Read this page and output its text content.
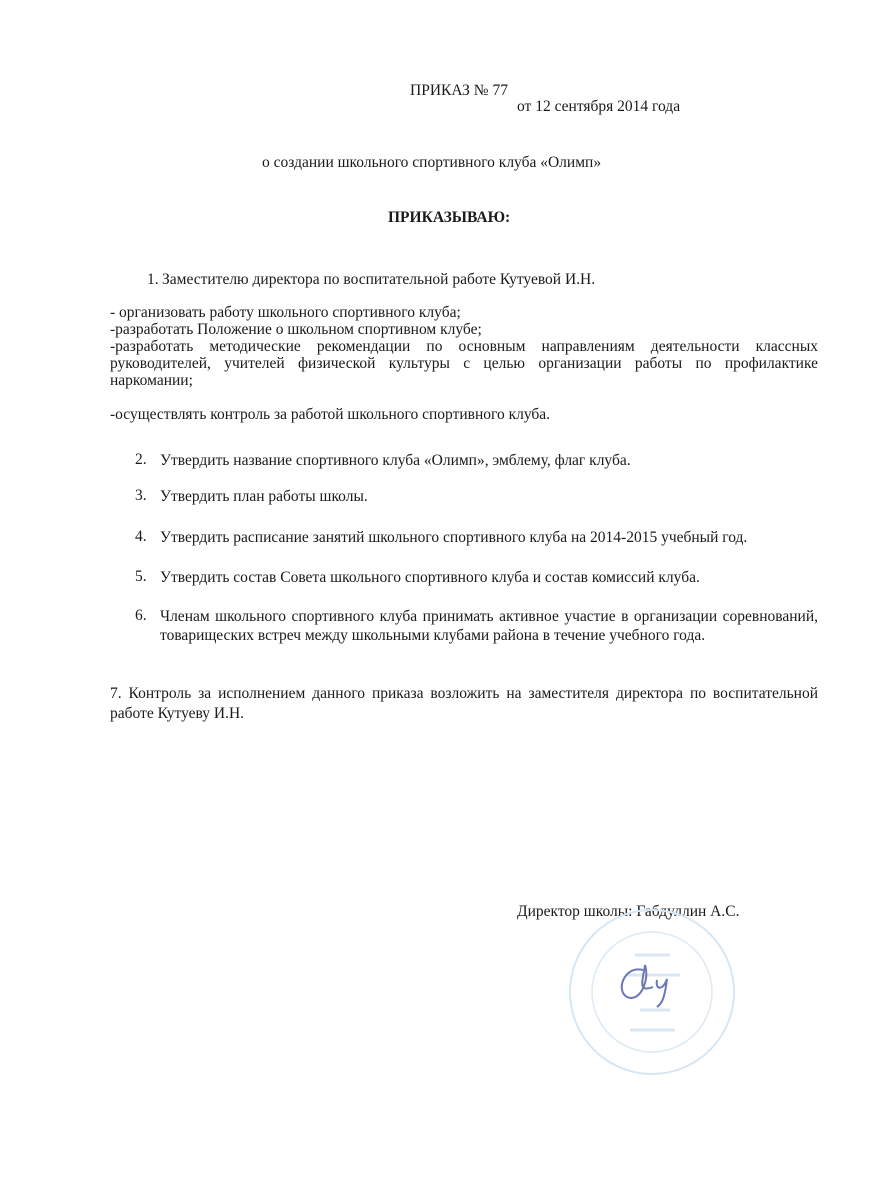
ПРИКАЗ № 77
от 12 сентября 2014 года
о создании школьного спортивного клуба «Олимп»
ПРИКАЗЫВАЮ:
1. Заместителю директора по воспитательной работе Кутуевой И.Н.
- организовать работу школьного спортивного клуба;
-разработать Положение о школьном спортивном клубе;
-разработать методические рекомендации по основным направлениям деятельности классных руководителей, учителей физической культуры с целью организации работы по профилактике наркомании;
-осуществлять контроль за работой школьного спортивного клуба.
2. Утвердить название спортивного клуба «Олимп», эмблему, флаг клуба.
3. Утвердить план работы школы.
4. Утвердить расписание занятий школьного спортивного клуба на 2014-2015 учебный год.
5. Утвердить состав Совета школьного спортивного клуба и состав комиссий клуба.
6. Членам школьного спортивного клуба принимать активное участие в организации соревнований, товарищеских встреч между школьными клубами района в течение учебного года.
7. Контроль за исполнением данного приказа возложить на заместителя директора по воспитательной работе Кутуеву И.Н.
Директор школы: Габдуллин А.С.
